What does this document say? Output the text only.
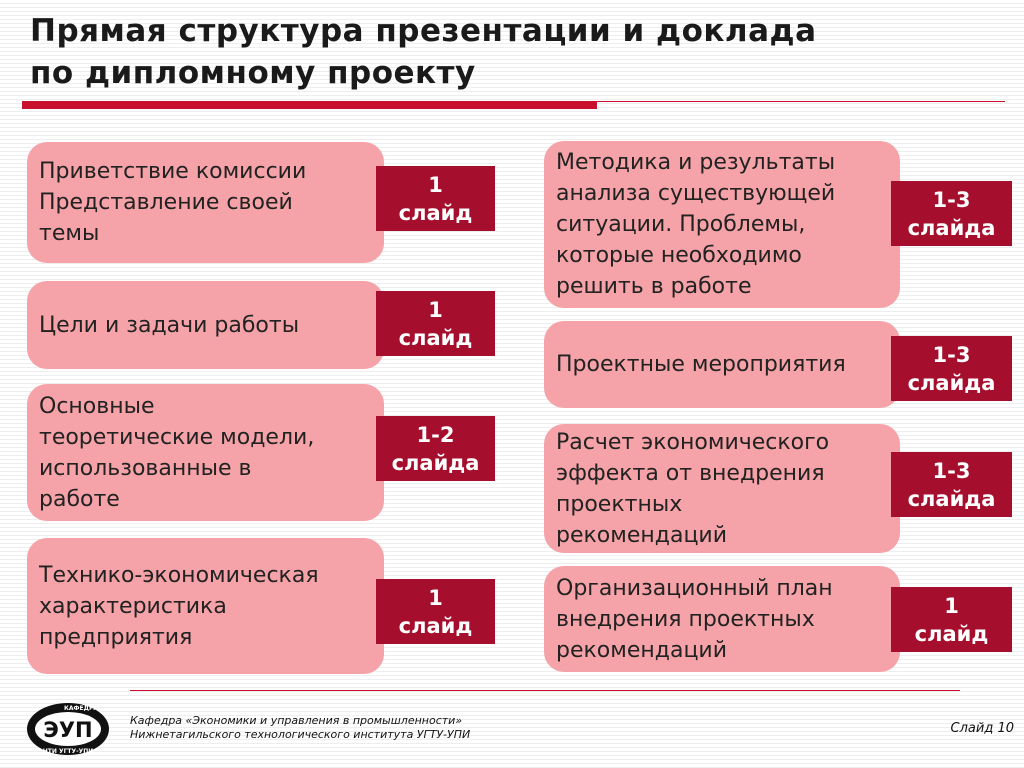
Прямая структура презентации и доклада
по дипломному проекту
Приветствие комиссии
Представление своей
темы
1
слайд
Цели и задачи работы
1
слайд
Основные
теоретические модели,
использованные в
работе
1-2
слайда
Технико-экономическая
характеристика
предприятия
1
слайд
Методика и результаты
анализа существующей
ситуации. Проблемы,
которые необходимо
решить в работе
1-3
слайда
Проектные мероприятия	1-3
слайда
Расчет экономического
эффекта от внедрения
проектных
рекомендаций
1-3
слайда
Организационный план
внедрения проектных
рекомендаций
1
слайд
ЭУП
КАФЕДРА
НТИ УГТУ-УПИ
Кафедра «Экономики и управления в промышленности»
Нижнетагильского технологического института УГТУ-УПИ	Слайд 10
